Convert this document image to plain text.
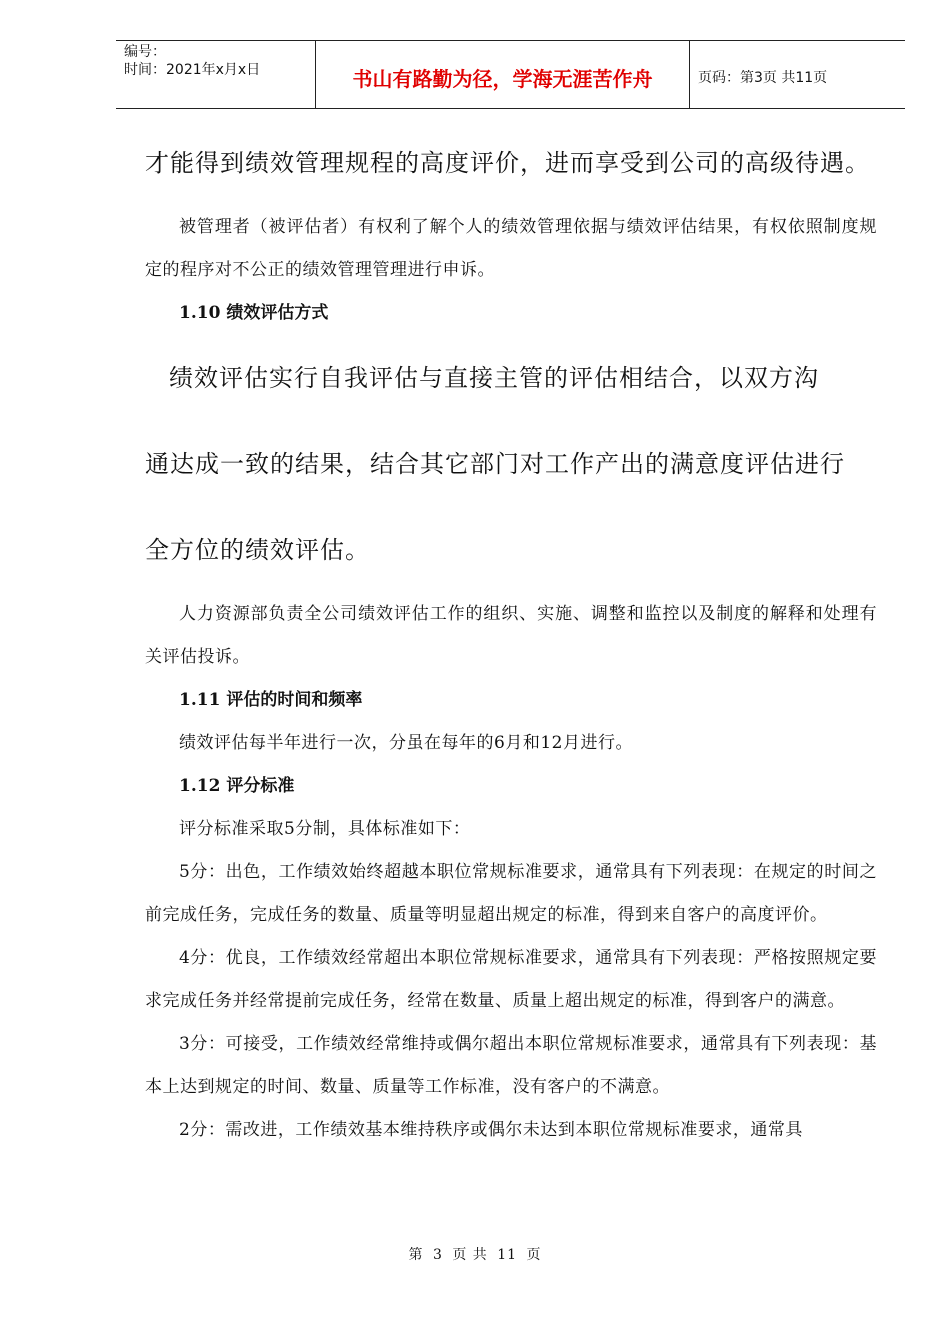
编号：
时间：2021年x月x日	书山有路勤为径，学海无涯苦作舟	页码：第3页 共11页

才能得到绩效管理规程的高度评价，进而享受到公司的高级待遇。

被管理者（被评估者）有权利了解个人的绩效管理依据与绩效评估结果，有权依照制度规定的程序对不公正的绩效管理管理进行申诉。

1.10 绩效评估方式

绩效评估实行自我评估与直接主管的评估相结合，以双方沟

通达成一致的结果，结合其它部门对工作产出的满意度评估进行

全方位的绩效评估。

人力资源部负责全公司绩效评估工作的组织、实施、调整和监控以及制度的解释和处理有关评估投诉。

1.11 评估的时间和频率

绩效评估每半年进行一次，分虽在每年的6月和12月进行。

1.12 评分标准

评分标准采取5分制，具体标准如下：

5分：出色，工作绩效始终超越本职位常规标准要求，通常具有下列表现：在规定的时间之前完成任务，完成任务的数量、质量等明显超出规定的标准，得到来自客户的高度评价。

4分：优良，工作绩效经常超出本职位常规标准要求，通常具有下列表现：严格按照规定要求完成任务并经常提前完成任务，经常在数量、质量上超出规定的标准，得到客户的满意。

3分：可接受，工作绩效经常维持或偶尔超出本职位常规标准要求，通常具有下列表现：基本上达到规定的时间、数量、质量等工作标准，没有客户的不满意。

2分：需改进，工作绩效基本维持秩序或偶尔未达到本职位常规标准要求，通常具

第 3 页 共 11 页
